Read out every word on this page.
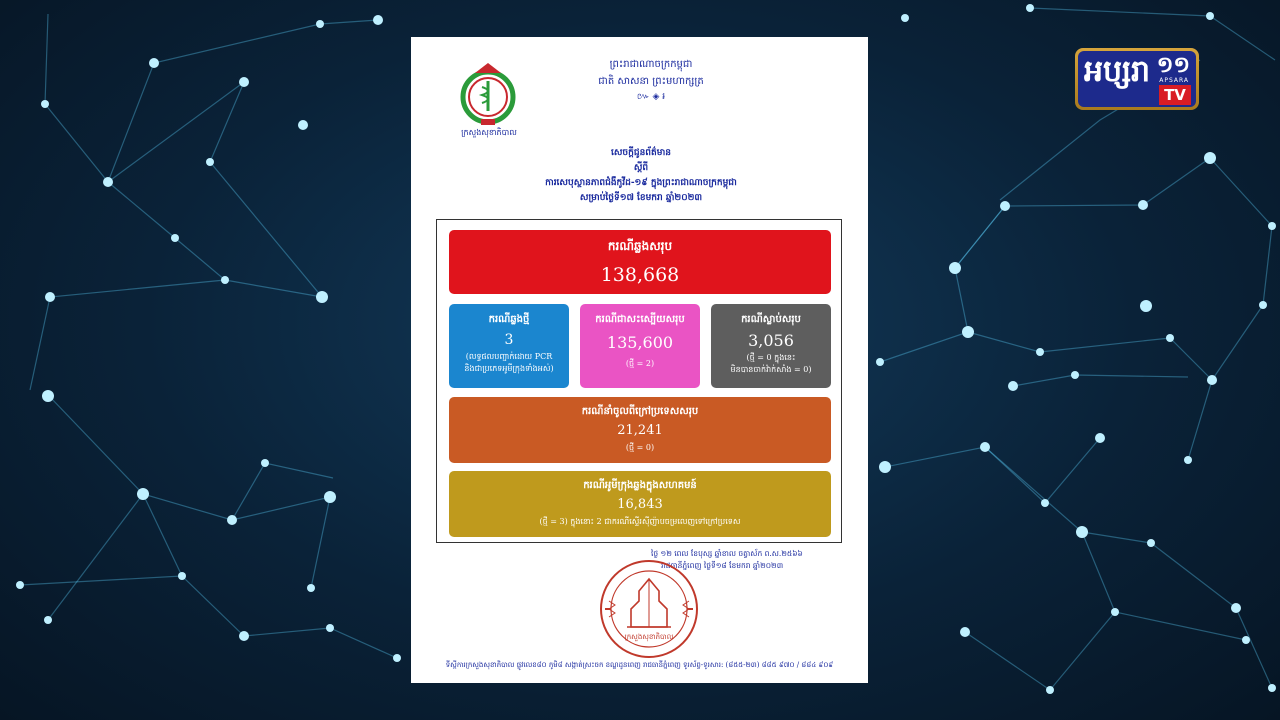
អប្សរា ១១
APSARA
TV
ក្រសួងសុខាភិបាល
ព្រះរាជាណាចក្រកម្ពុជា
ជាតិ សាសនា ព្រះមហាក្សត្រ
៚ ◈ ៛
សេចក្ដីជូនព័ត៌មាន
ស្ដីពី
ការសេបុស្ថានភាពជំងឺកូវីដ-១៩ ក្នុងព្រះរាជាណាចក្រកម្ពុជា
សម្រាប់ថ្ងៃទី១៧ ខែមករា ឆ្នាំ២០២៣
ករណីឆ្លងសរុប
138,668
ករណីឆ្លងថ្មី
3
(លទ្ធផលបញ្ជាក់ដោយ PCR
និងជាប្រភេទអូមីក្រុងទាំងអស់)
ករណីជាសះស្បើយសរុប
135,600
(ថ្មី = 2)
ករណីស្លាប់សរុប
3,056
(ថ្មី = 0 ក្នុងនេះ
មិនបានចាក់វ៉ាក់សាំង = 0)
ករណីនាំចូលពីក្រៅប្រទេសសរុប
21,241
(ថ្មី = 0)
ករណីអូមីក្រុងឆ្លងក្នុងសហគមន៍
16,843
(ថ្មី = 3) ក្នុងនោះ 2 ជាករណីស្ទើរស៊ីញ៉ាបចម្រលេញទៅក្រៅប្រទេស
ថ្ងៃ ១២ ពេល ខែបុស្ស ឆ្នាំខាល ចត្វាស័ក ព.ស.២៥៦៦
រាជធានីភ្នំពេញ ថ្ងៃទី១៨ ខែមករា ឆ្នាំ២០២៣
ក្រសួងសុខាភិបាល
ទីស្តីការក្រសួងសុខាភិបាល ផ្លូវលេខ៨០ ភូមិ៨ សង្កាត់ស្រះចក ខណ្ឌដូនពេញ រាជធានីភ្នំពេញ ទូរស័ព្ទ-ទូរសារ: (៨៥៥-២៣) ៨៨៥ ៩៧០ / ៨៨៤ ៩០៩
